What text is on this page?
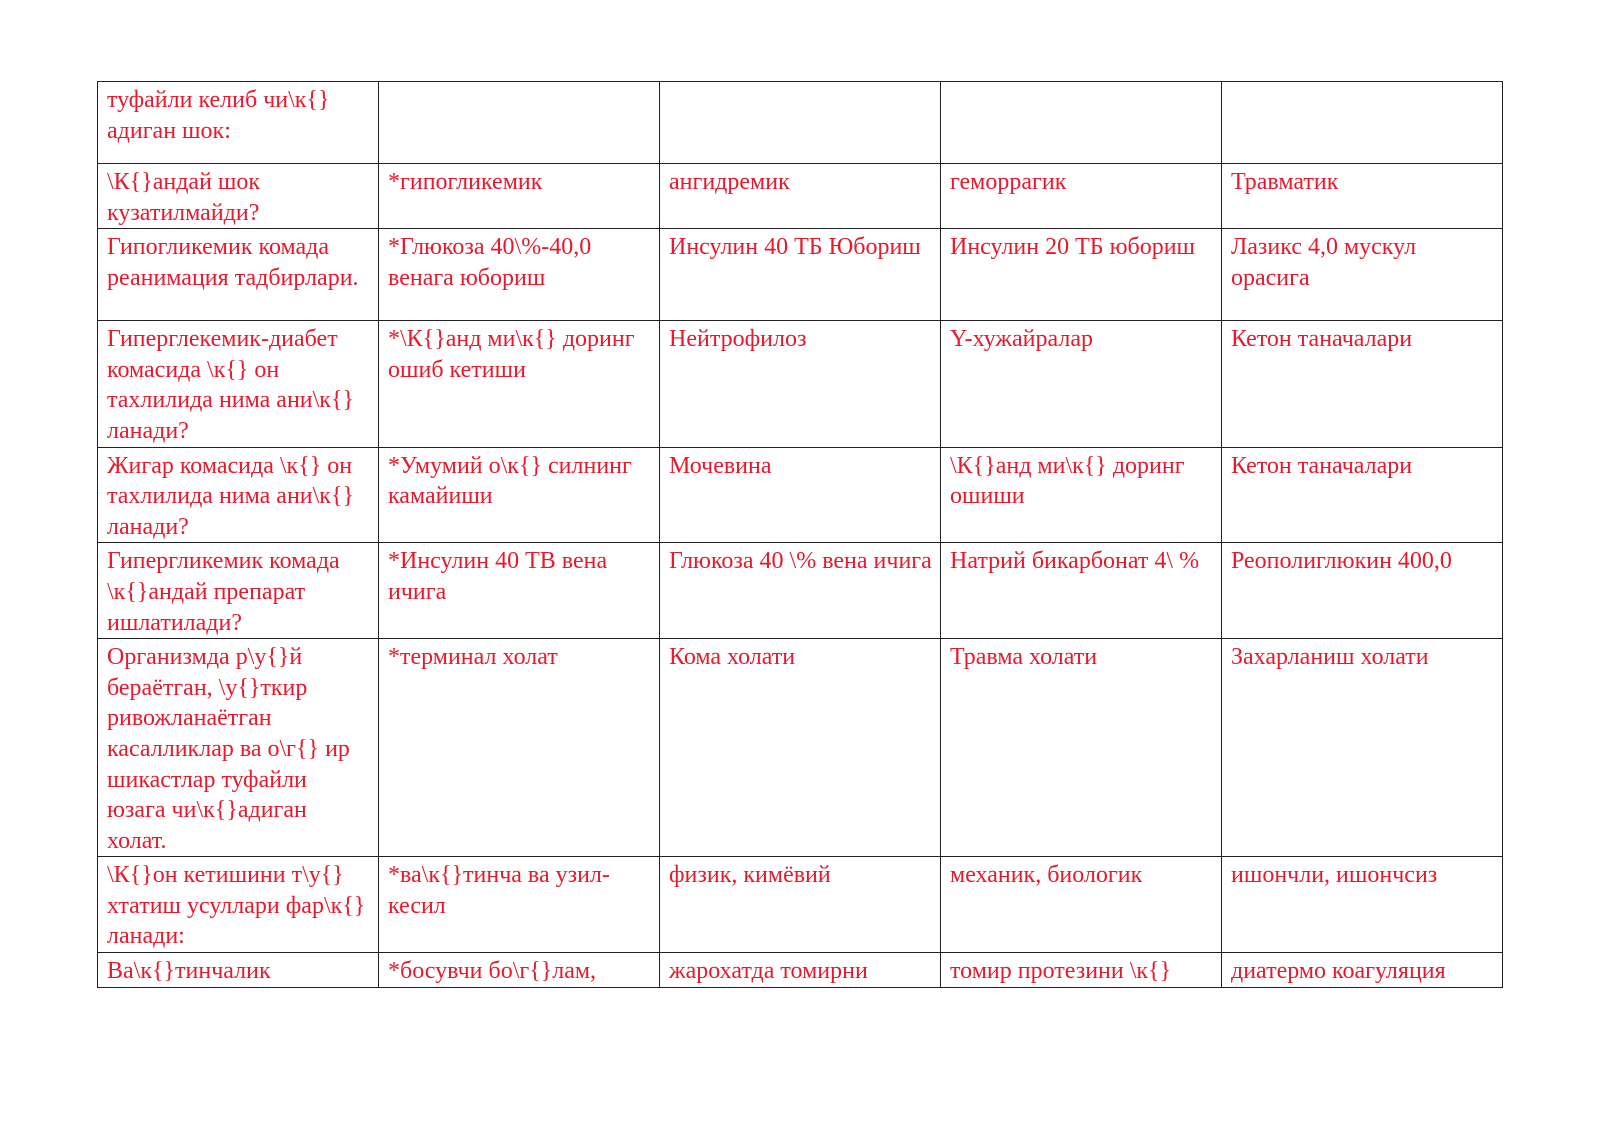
туфайли келиб чи\к{} адиган шок:				
\К{}андай шок кузатилмайди?	*гипогликемик	ангидремик	геморрагик	Травматик
Гипогликемик комада реанимация тадбирлари.	*Глюкоза 40\%-40,0 венага юбориш	Инсулин 40 ТБ Юбориш	Инсулин 20 ТБ юбориш	Лазикс 4,0 мускул орасига
Гиперглекемик-диабет комасида \к{} он тахлилида нима ани\к{}ланади?	*\К{}анд ми\к{} доринг ошиб кетиши	Нейтрофилоз	Y-хужайралар	Кетон таначалари
Жигар комасида \к{} он тахлилида нима ани\к{}ланади?	*Умумий о\к{} силнинг камайиши	Мочевина	\К{}анд ми\к{} доринг ошиши	Кетон таначалари
Гипергликемик комада \к{}андай препарат ишлатилади?	*Инсулин 40 ТВ вена ичига	Глюкоза 40 \% вена ичига	Натрий бикарбонат 4\ %	Реополиглюкин 400,0
Организмда р\у{}й бераётган, \у{}ткир ривожланаётган касалликлар ва о\г{} ир шикастлар туфайли юзага чи\к{}адиган холат.	*терминал холат	Кома холати	Травма холати	Захарланиш холати
\К{}он кетишини т\у{}хтатиш усуллари фар\к{}ланади:	*ва\к{}тинча ва узил-кесил	физик, кимёвий	механик, биологик	ишончли, ишончсиз
Ва\к{}тинчалик	*босувчи бо\г{}лам,	жарохатда томирни	томир протезини \к{}	диатермо коагуляция
